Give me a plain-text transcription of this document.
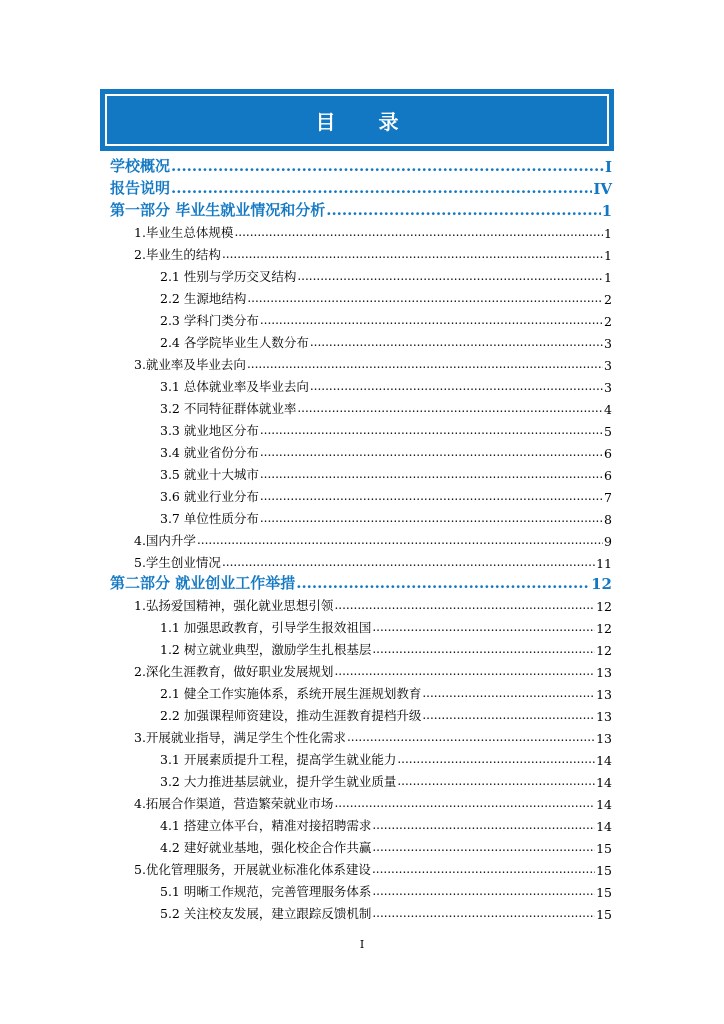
目 录
学校概况 .....	I
报告说明 .....	IV
第一部分 毕业生就业情况和分析 .....	1
1.毕业生总体规模 .....	1
2.毕业生的结构 .....	1
2.1 性别与学历交叉结构 .....	1
2.2 生源地结构 .....	2
2.3 学科门类分布 .....	2
2.4 各学院毕业生人数分布 .....	3
3.就业率及毕业去向 .....	3
3.1 总体就业率及毕业去向 .....	3
3.2 不同特征群体就业率 .....	4
3.3 就业地区分布 .....	5
3.4 就业省份分布 .....	6
3.5 就业十大城市 .....	6
3.6 就业行业分布 .....	7
3.7 单位性质分布 .....	8
4.国内升学 .....	9
5.学生创业情况 .....	11
第二部分 就业创业工作举措 .....	12
1.弘扬爱国精神，强化就业思想引领 .....	12
1.1 加强思政教育，引导学生报效祖国 .....	12
1.2 树立就业典型，激励学生扎根基层 .....	12
2.深化生涯教育，做好职业发展规划 .....	13
2.1 健全工作实施体系，系统开展生涯规划教育 .....	13
2.2 加强课程师资建设，推动生涯教育提档升级 .....	13
3.开展就业指导，满足学生个性化需求 .....	13
3.1 开展素质提升工程，提高学生就业能力 .....	14
3.2 大力推进基层就业，提升学生就业质量 .....	14
4.拓展合作渠道，营造繁荣就业市场 .....	14
4.1 搭建立体平台，精准对接招聘需求 .....	14
4.2 建好就业基地，强化校企合作共赢 .....	15
5.优化管理服务，开展就业标准化体系建设 .....	15
5.1 明晰工作规范，完善管理服务体系 .....	15
5.2 关注校友发展，建立跟踪反馈机制 .....	15
I
